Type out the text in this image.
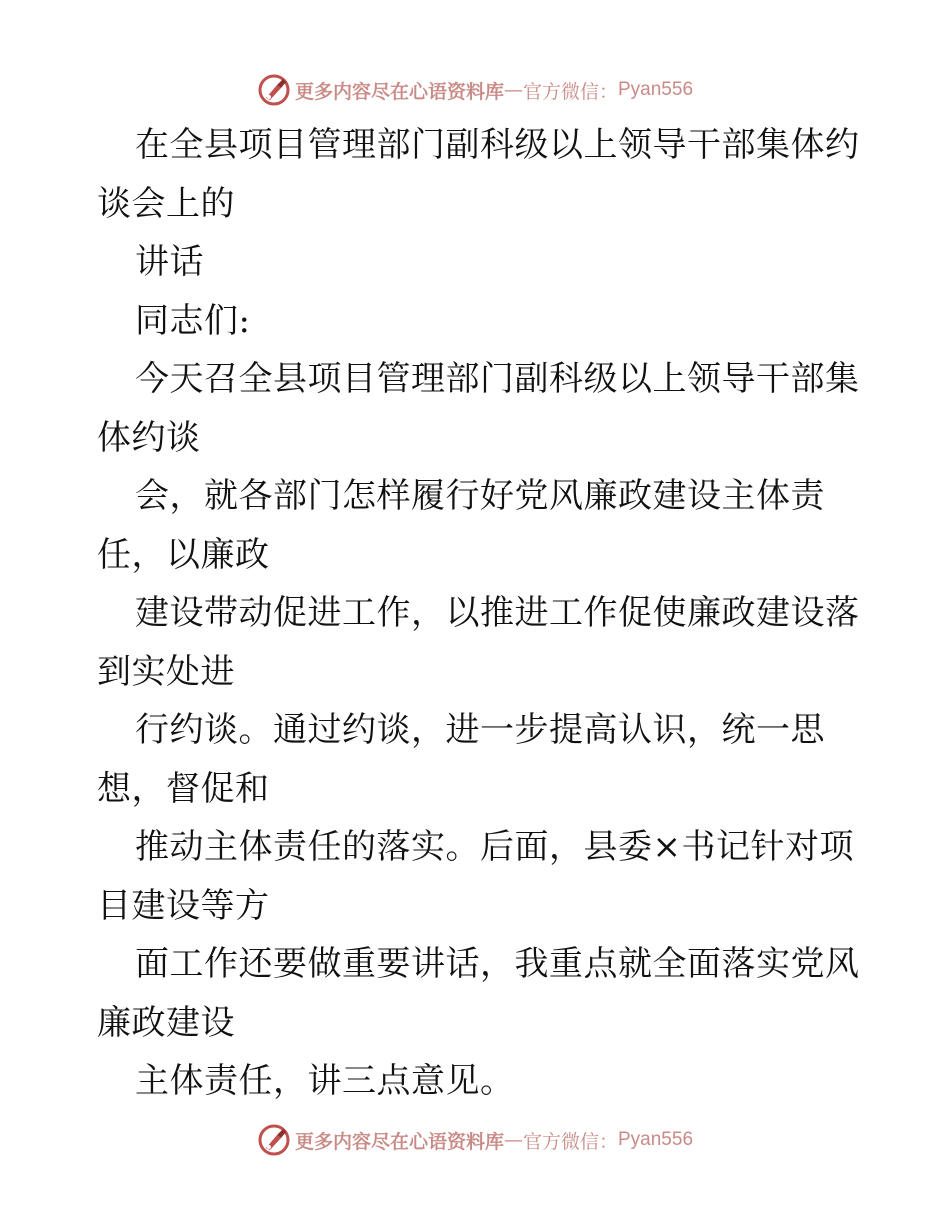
更多内容尽在心语资料库 — 官方微信： Pyan556
在全县项目管理部门副科级以上领导干部集体约
谈会上的
讲话
同志们:
今天召全县项目管理部门副科级以上领导干部集
体约谈
会，就各部门怎样履行好党风廉政建设主体责
任，以廉政
建设带动促进工作，以推进工作促使廉政建设落
到实处进
行约谈。通过约谈，进一步提高认识，统一思
想，督促和
推动主体责任的落实。后面，县委×书记针对项
目建设等方
面工作还要做重要讲话，我重点就全面落实党风
廉政建设
主体责任，讲三点意见。
更多内容尽在心语资料库 — 官方微信： Pyan556
